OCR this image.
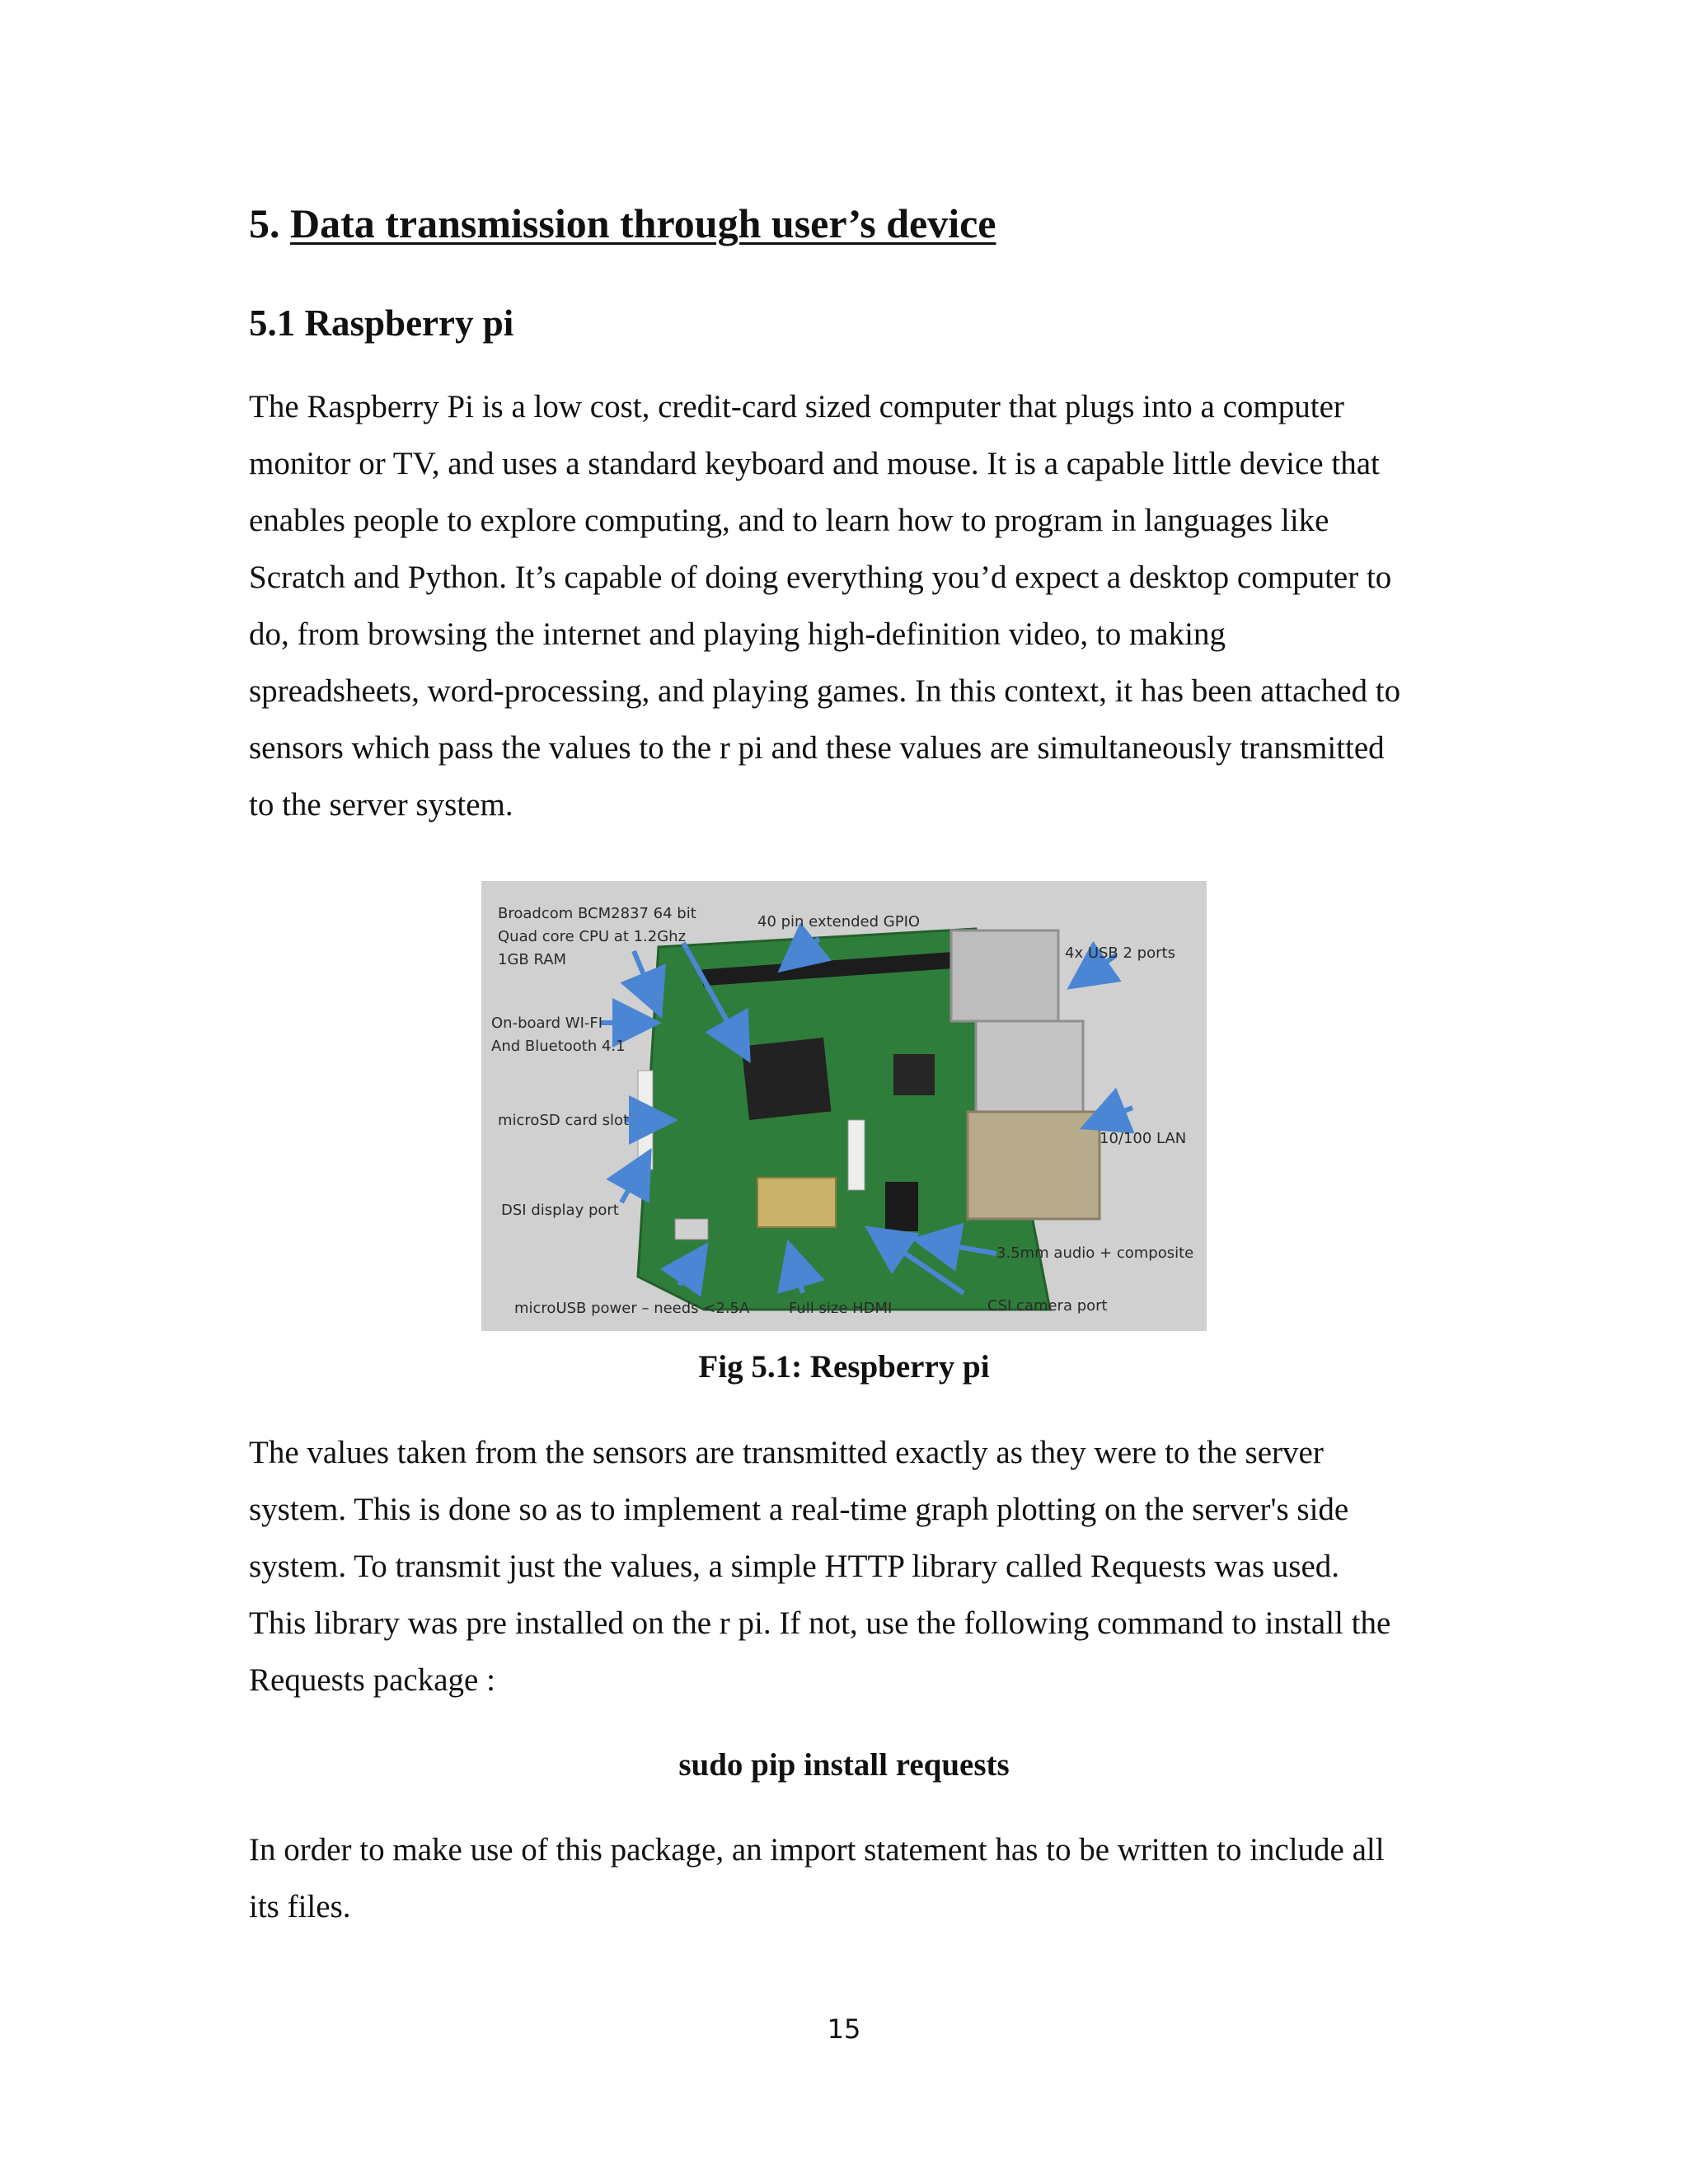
5. Data transmission through user’s device
5.1 Raspberry pi

The Raspberry Pi is a low cost, credit-card sized computer that plugs into a computer
monitor or TV, and uses a standard keyboard and mouse. It is a capable little device that
enables people to explore computing, and to learn how to program in languages like
Scratch and Python. It’s capable of doing everything you’d expect a desktop computer to
do, from browsing the internet and playing high-definition video, to making
spreadsheets, word-processing, and playing games. In this context, it has been attached to
sensors which pass the values to the r pi and these values are simultaneously transmitted
to the server system.

Broadcom BCM2837 64 bit
Quad core CPU at 1.2Ghz
1GB RAM
40 pin extended GPIO
4x USB 2 ports
On-board WI-FI
And Bluetooth 4.1
microSD card slot
10/100 LAN
DSI display port
3.5mm audio + composite
microUSB power – needs <2.5A	Full size HDMI	CSI camera port

Fig 5.1: Respberry pi

The values taken from the sensors are transmitted exactly as they were to the server
system. This is done so as to implement a real-time graph plotting on the server's side
system. To transmit just the values, a simple HTTP library called Requests was used.
This library was pre installed on the r pi. If not, use the following command to install the
Requests package :

sudo pip install requests

In order to make use of this package, an import statement has to be written to include all
its files.

15
